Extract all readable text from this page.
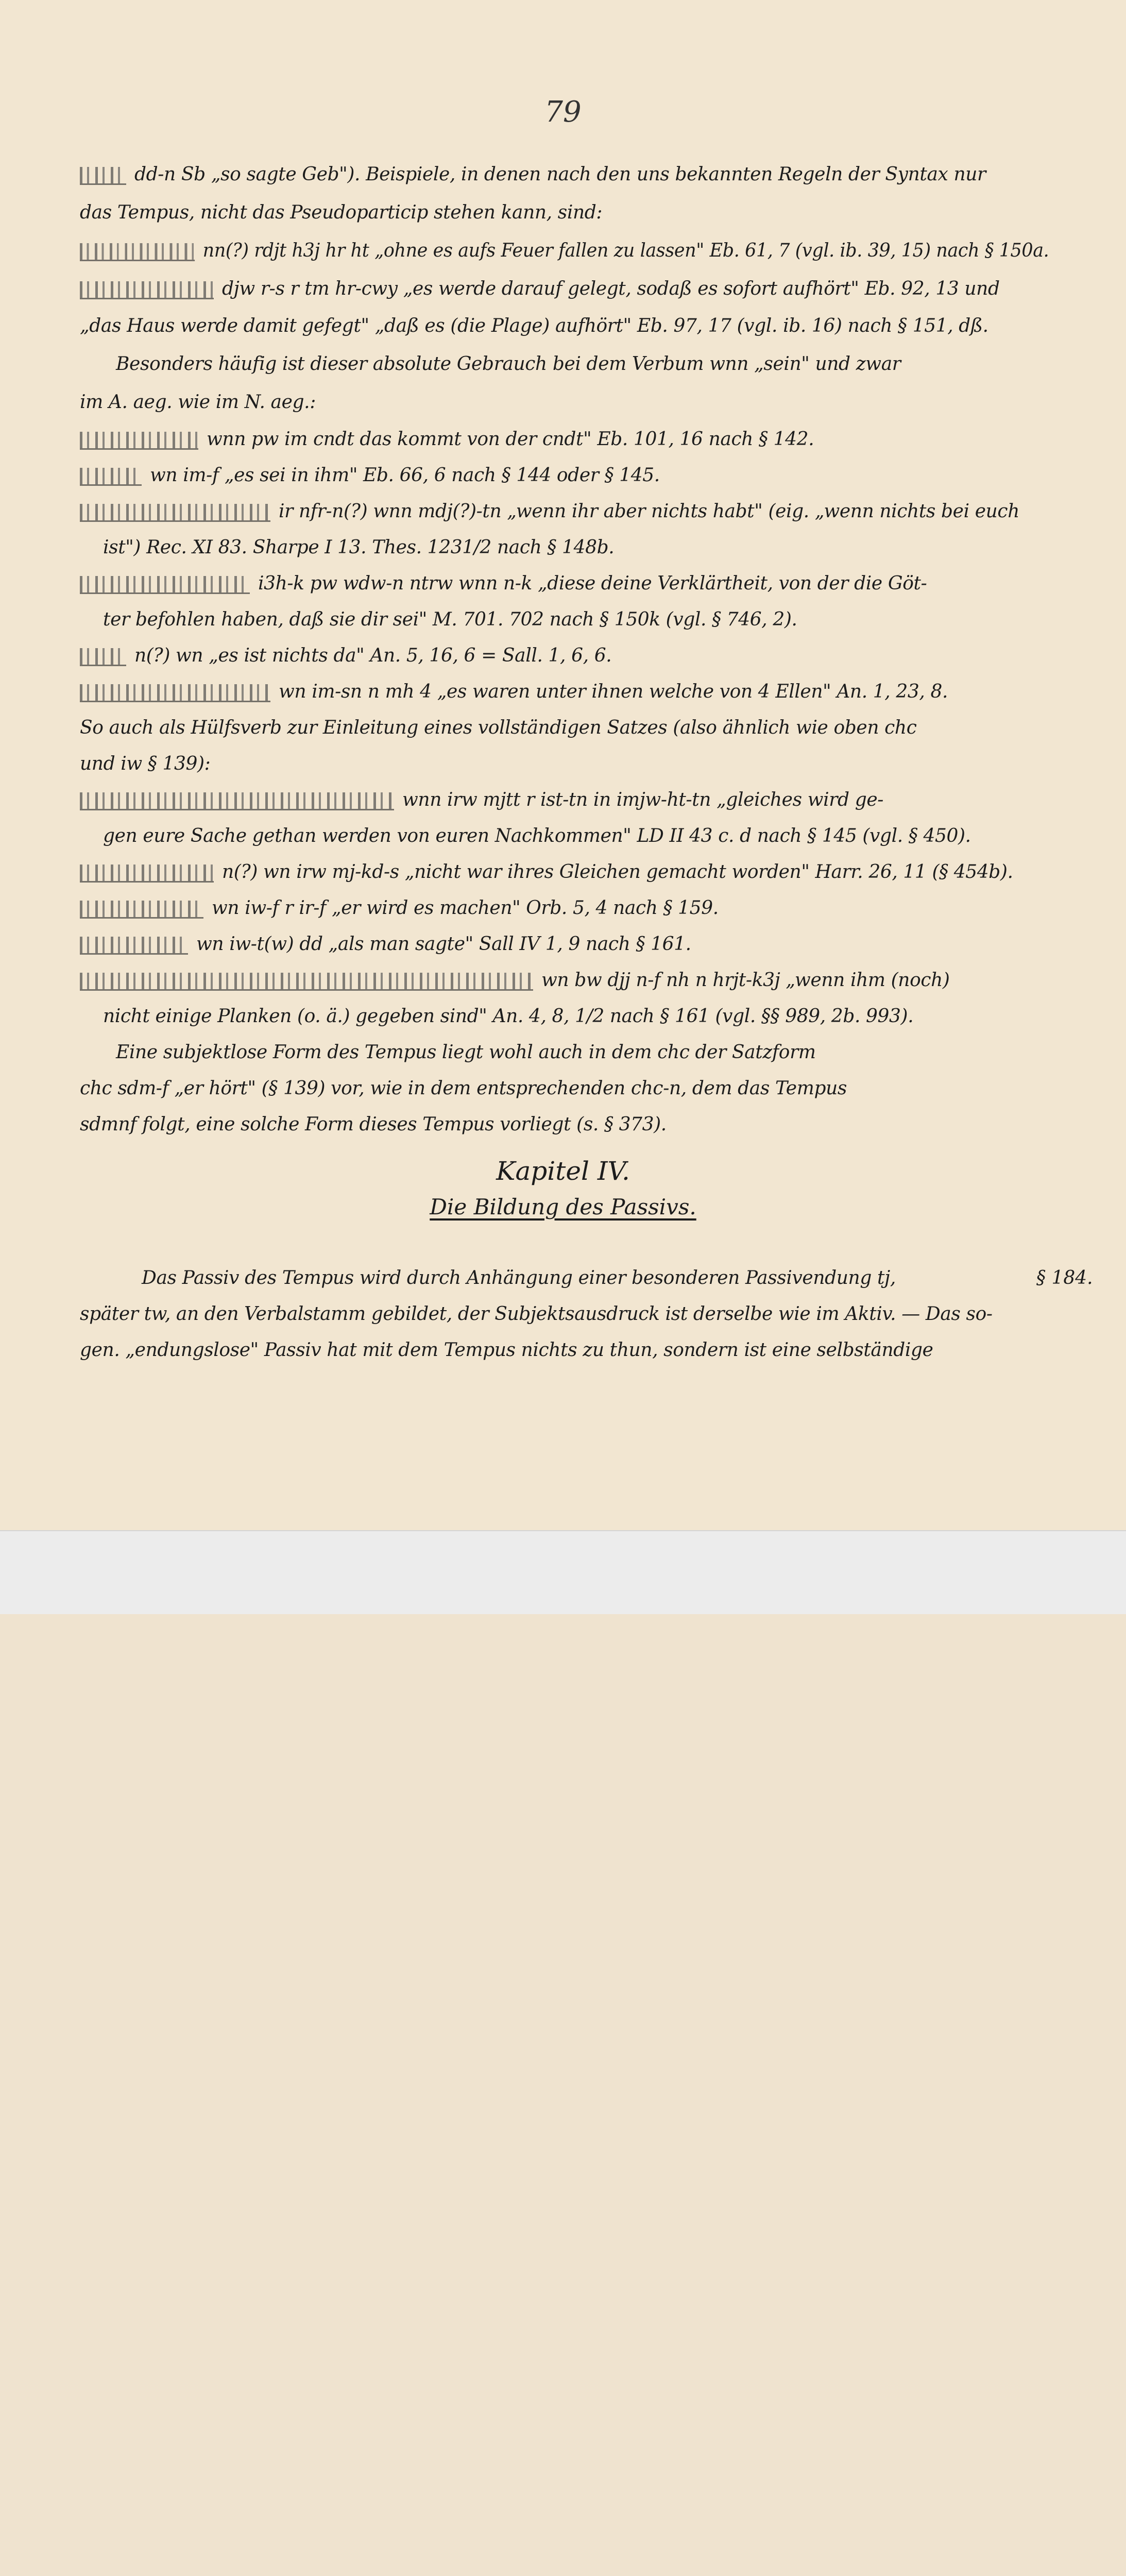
79
dd-n Sb „so sagte Geb"). Beispiele, in denen nach den uns bekannten Regeln der Syntax nur
das Tempus, nicht das Pseudoparticip stehen kann, sind:
nn(?) rdjt h3j hr ht „ohne es aufs Feuer fallen zu lassen" Eb. 61, 7 (vgl. ib. 39, 15) nach § 150a.
djw r-s r tm hr-cwy „es werde darauf gelegt, sodaß es sofort aufhört" Eb. 92, 13 und
„das Haus werde damit gefegt" „daß es (die Plage) aufhört" Eb. 97, 17 (vgl. ib. 16) nach § 151, dß.
Besonders häufig ist dieser absolute Gebrauch bei dem Verbum wnn „sein" und zwar
im A. aeg. wie im N. aeg.:
wnn pw im cndt das kommt von der cndt" Eb. 101, 16 nach § 142.
wn im-f „es sei in ihm" Eb. 66, 6 nach § 144 oder § 145.
ir nfr-n(?) wnn mdj(?)-tn „wenn ihr aber nichts habt" (eig. „wenn nichts bei euch
ist") Rec. XI 83. Sharpe I 13. Thes. 1231/2 nach § 148b.
i3h-k pw wdw-n ntrw wnn n-k „diese deine Verklärtheit, von der die Göt-
ter befohlen haben, daß sie dir sei" M. 701. 702 nach § 150k (vgl. § 746, 2).
n(?) wn „es ist nichts da" An. 5, 16, 6 = Sall. 1, 6, 6.
wn im-sn n mh 4 „es waren unter ihnen welche von 4 Ellen" An. 1, 23, 8.
So auch als Hülfsverb zur Einleitung eines vollständigen Satzes (also ähnlich wie oben chc
und iw § 139):
wnn irw mjtt r ist-tn in imjw-ht-tn „gleiches wird ge-
gen eure Sache gethan werden von euren Nachkommen" LD II 43 c. d nach § 145 (vgl. § 450).
n(?) wn irw mj-kd-s „nicht war ihres Gleichen gemacht worden" Harr. 26, 11 (§ 454b).
wn iw-f r ir-f „er wird es machen" Orb. 5, 4 nach § 159.
wn iw-t(w) dd „als man sagte" Sall IV 1, 9 nach § 161.
wn bw djj n-f nh n hrjt-k3j „wenn ihm (noch)
nicht einige Planken (o. ä.) gegeben sind" An. 4, 8, 1/2 nach § 161 (vgl. §§ 989, 2b. 993).
Eine subjektlose Form des Tempus liegt wohl auch in dem chc der Satzform
chc sdm-f „er hört" (§ 139) vor, wie in dem entsprechenden chc-n, dem das Tempus
sdmnf folgt, eine solche Form dieses Tempus vorliegt (s. § 373).
Das Passiv des Tempus wird durch Anhängung einer besonderen Passivendung tj,
später tw, an den Verbalstamm gebildet, der Subjektsausdruck ist derselbe wie im Aktiv. — Das so-
gen. „endungslose" Passiv hat mit dem Tempus nichts zu thun, sondern ist eine selbständige
Kapitel IV.
Die Bildung des Passivs.
§ 184.
